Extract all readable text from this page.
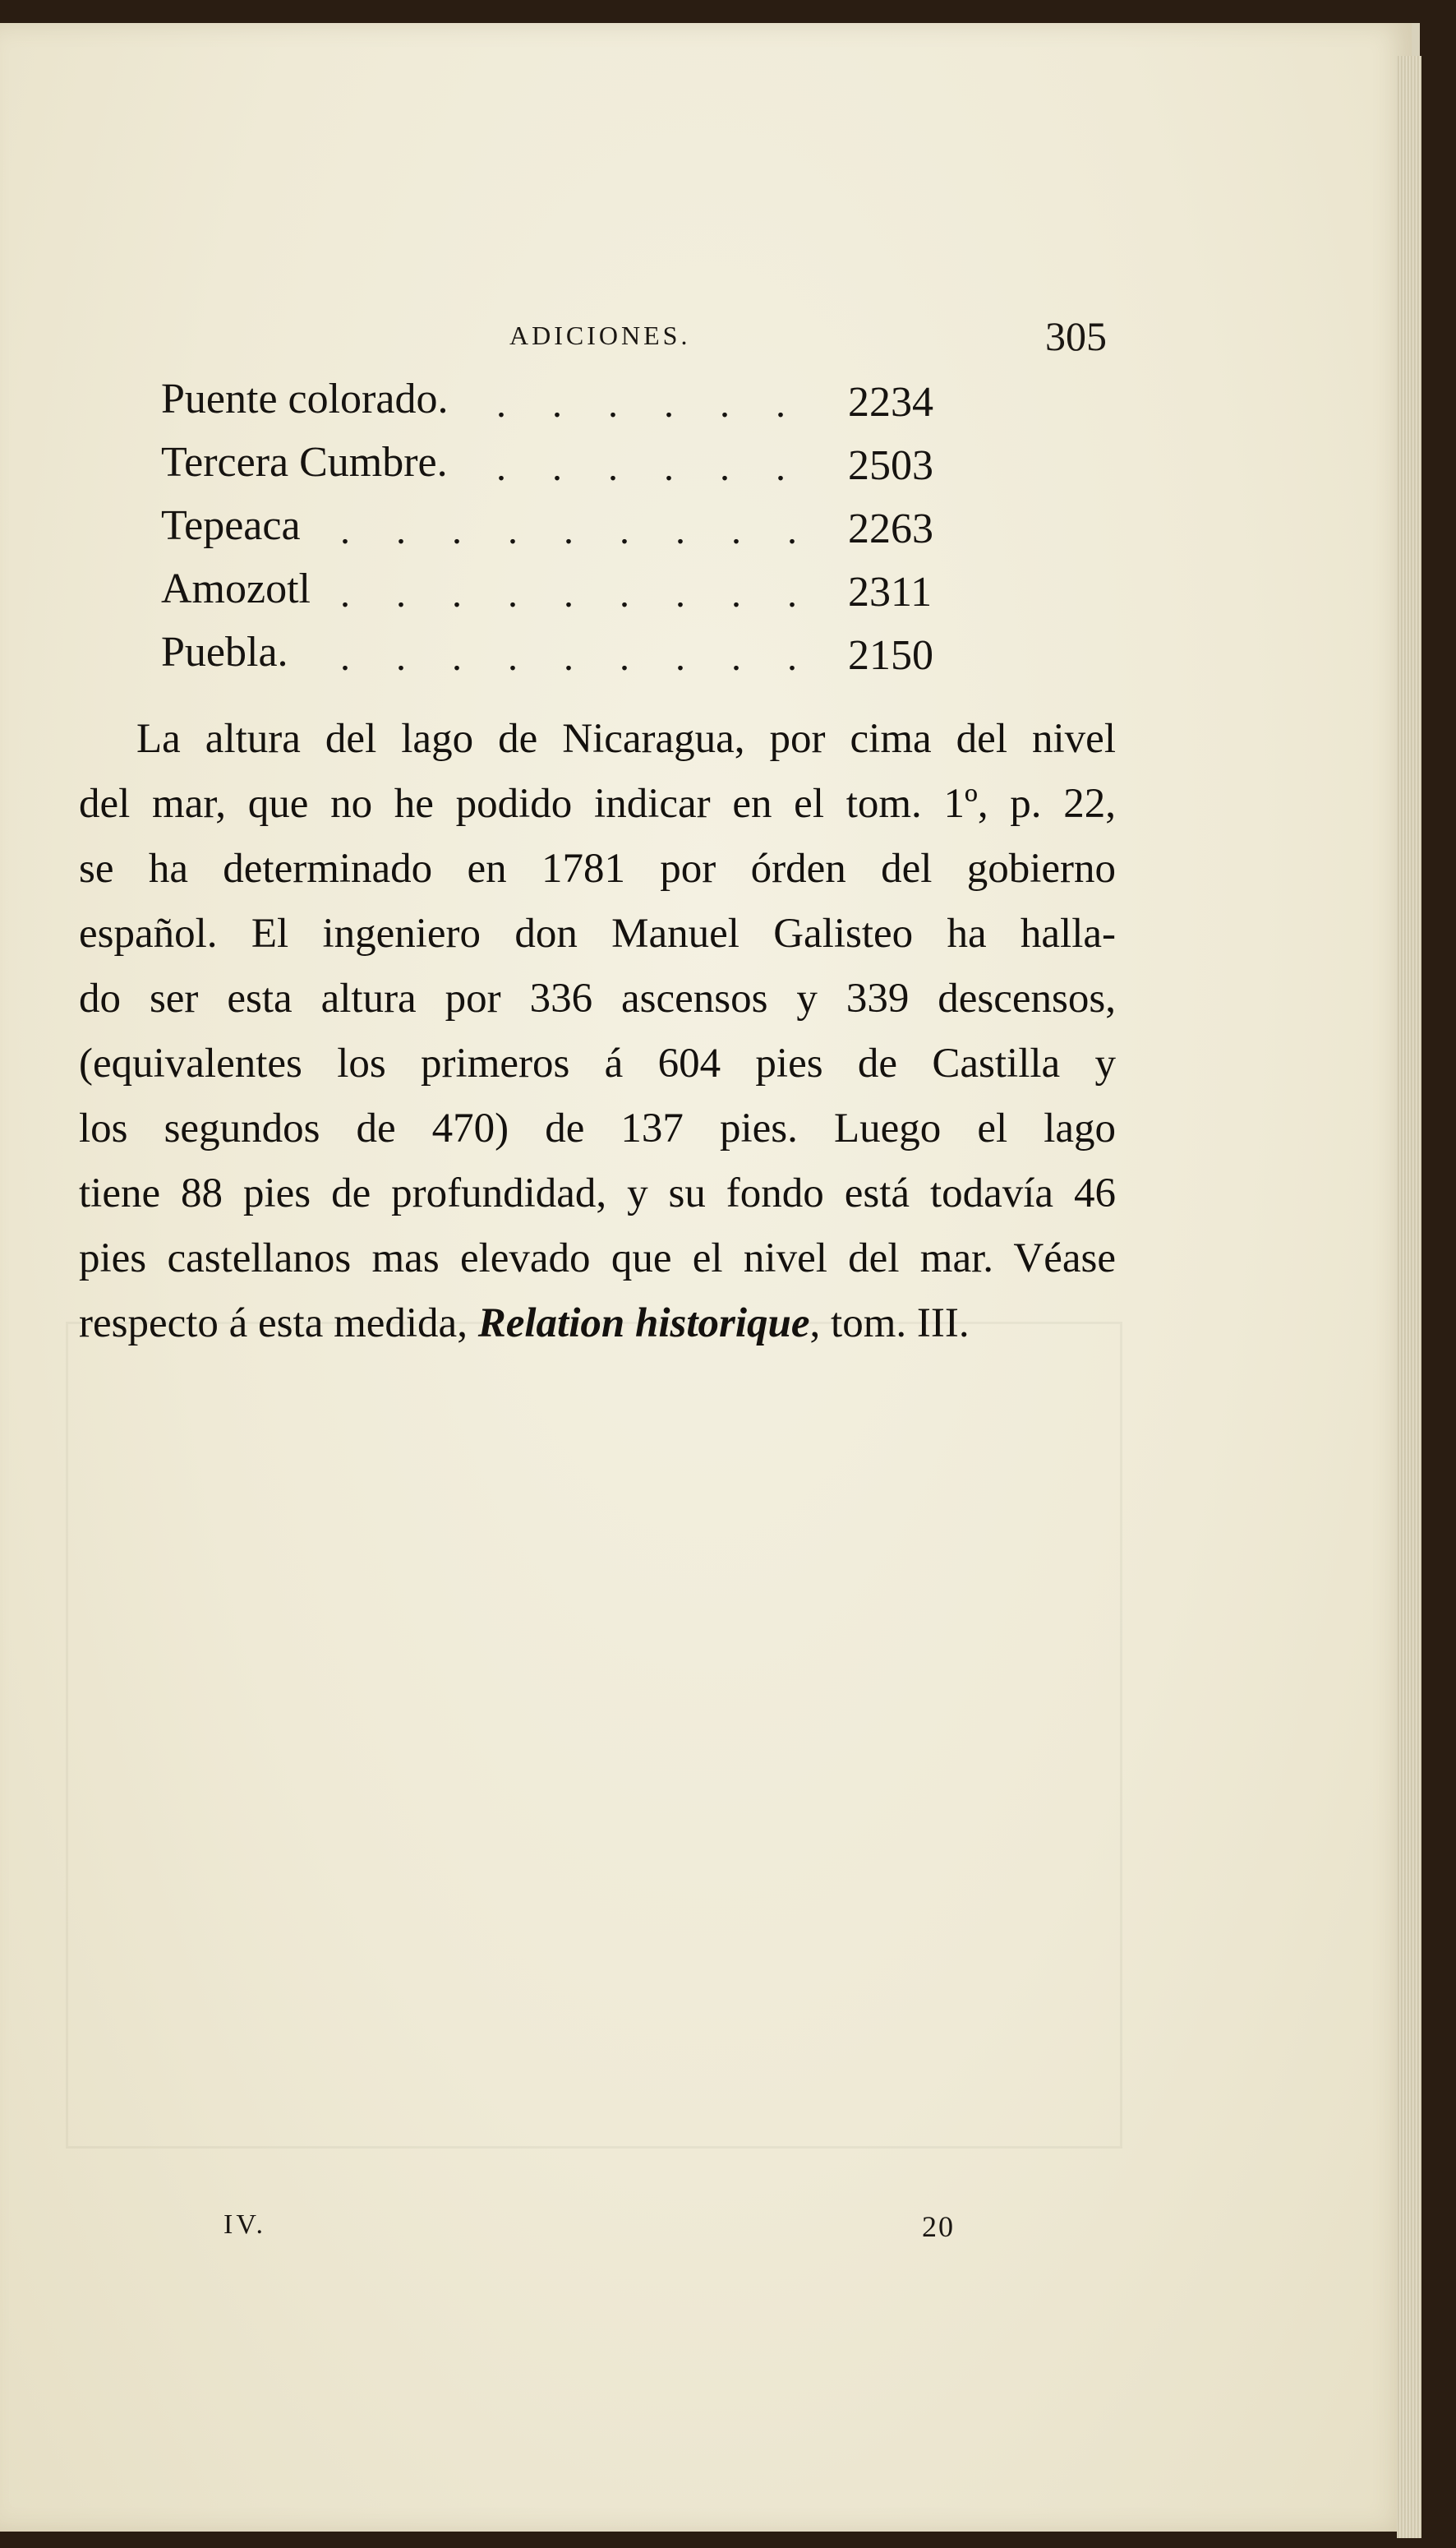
ADICIONES.	305
Puente colorado. . . . . . . 2234
Tercera Cumbre. . . . . . . 2503
Tepeaca . . . . . . . . . 2263
Amozotl . . . . . . . . . 2311
Puebla. . . . . . . . . . 2150
La altura del lago de Nicaragua, por cima del nivel
del mar, que no he podido indicar en el tom. 1º, p. 22,
se ha determinado en 1781 por órden del gobierno
español. El ingeniero don Manuel Galisteo ha halla-
do ser esta altura por 336 ascensos y 339 descensos,
(equivalentes los primeros á 604 pies de Castilla y
los segundos de 470) de 137 pies. Luego el lago
tiene 88 pies de profundidad, y su fondo está todavía 46
pies castellanos mas elevado que el nivel del mar. Véase
respecto á esta medida, Relation historique, tom. III.
IV.	20
